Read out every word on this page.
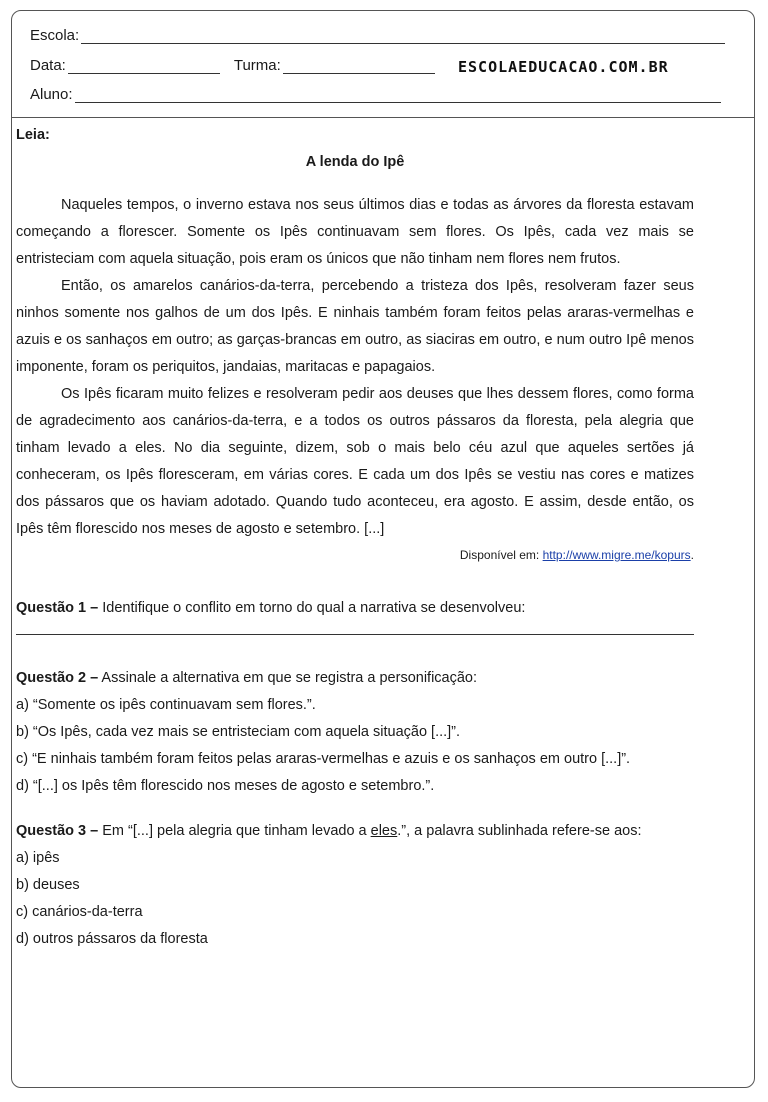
Escola:
Data:	Turma:	ESCOLAEDUCACAO.COM.BR
Aluno:
Leia:
A lenda do Ipê

Naqueles tempos, o inverno estava nos seus últimos dias e todas as árvores da floresta estavam começando a florescer. Somente os Ipês continuavam sem flores. Os Ipês, cada vez mais se entristeciam com aquela situação, pois eram os únicos que não tinham nem flores nem frutos.

Então, os amarelos canários-da-terra, percebendo a tristeza dos Ipês, resolveram fazer seus ninhos somente nos galhos de um dos Ipês. E ninhais também foram feitos pelas araras-vermelhas e azuis e os sanhaços em outro; as garças-brancas em outro, as siaciras em outro, e num outro Ipê menos imponente, foram os periquitos, jandaias, maritacas e papagaios.

Os Ipês ficaram muito felizes e resolveram pedir aos deuses que lhes dessem flores, como forma de agradecimento aos canários-da-terra, e a todos os outros pássaros da floresta, pela alegria que tinham levado a eles. No dia seguinte, dizem, sob o mais belo céu azul que aqueles sertões já conheceram, os Ipês floresceram, em várias cores. E cada um dos Ipês se vestiu nas cores e matizes dos pássaros que os haviam adotado. Quando tudo aconteceu, era agosto. E assim, desde então, os Ipês têm florescido nos meses de agosto e setembro. [...]

Disponível em: http://www.migre.me/kopurs.
Questão 1 – Identifique o conflito em torno do qual a narrativa se desenvolveu:
Questão 2 – Assinale a alternativa em que se registra a personificação:

a) “Somente os ipês continuavam sem flores.”.

b) “Os Ipês, cada vez mais se entristeciam com aquela situação [...]”.

c) “E ninhais também foram feitos pelas araras-vermelhas e azuis e os sanhaços em outro [...]”.

d) “[...] os Ipês têm florescido nos meses de agosto e setembro.”.

Questão 3 – Em “[...] pela alegria que tinham levado a eles.”, a palavra sublinhada refere-se aos:

a) ipês

b) deuses

c) canários-da-terra

d) outros pássaros da floresta
